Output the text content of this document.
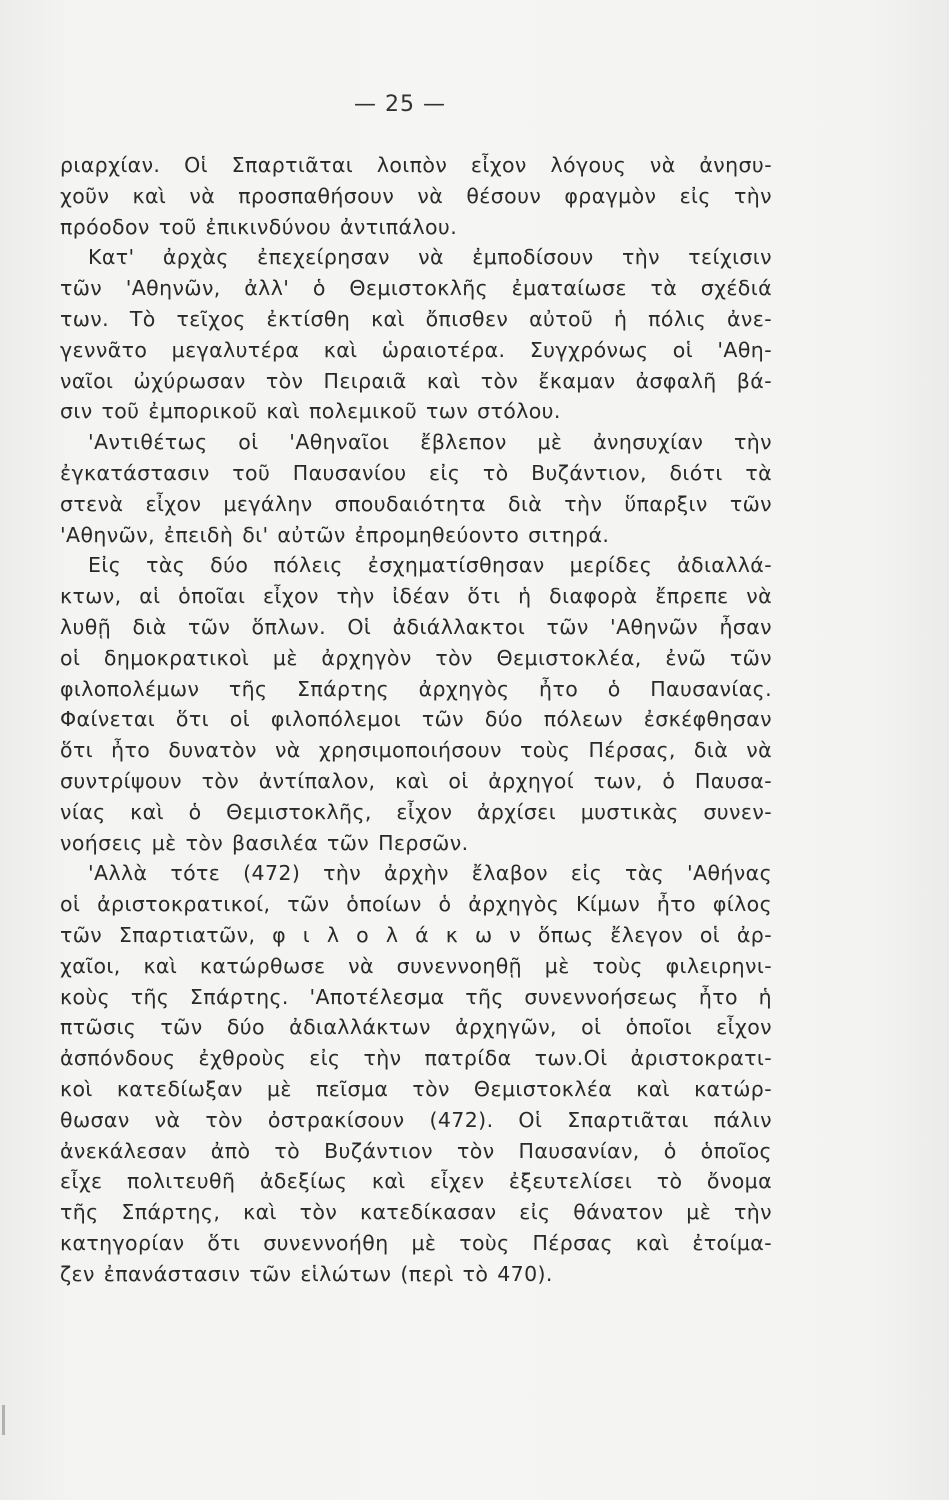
— 25 —
ριαρχίαν. Οἱ Σπαρτιᾶται λοιπὸν εἶχον λόγους νὰ ἀνησυ-
χοῦν καὶ νὰ προσπαθήσουν νὰ θέσουν φραγμὸν εἰς τὴν
πρόοδον τοῦ ἐπικινδύνου ἀντιπάλου.
Κατ' ἀρχὰς ἐπεχείρησαν νὰ ἐμποδίσουν τὴν τείχισιν
τῶν 'Αθηνῶν, ἀλλ' ὁ Θεμιστοκλῆς ἐματαίωσε τὰ σχέδιά
των. Τὸ τεῖχος ἐκτίσθη καὶ ὄπισθεν αὐτοῦ ἡ πόλις ἀνε-
γεννᾶτο μεγαλυτέρα καὶ ὡραιοτέρα. Συγχρόνως οἱ 'Αθη-
ναῖοι ὠχύρωσαν τὸν Πειραιᾶ καὶ τὸν ἔκαμαν ἀσφαλῆ βά-
σιν τοῦ ἐμπορικοῦ καὶ πολεμικοῦ των στόλου.
'Αντιθέτως οἱ 'Αθηναῖοι ἔβλεπον μὲ ἀνησυχίαν τὴν
ἐγκατάστασιν τοῦ Παυσανίου εἰς τὸ Βυζάντιον, διότι τὰ
στενὰ εἶχον μεγάλην σπουδαιότητα διὰ τὴν ὕπαρξιν τῶν
'Αθηνῶν, ἐπειδὴ δι' αὐτῶν ἐπρομηθεύοντο σιτηρά.
Εἰς τὰς δύο πόλεις ἐσχηματίσθησαν μερίδες ἀδιαλλά-
κτων, αἱ ὁποῖαι εἶχον τὴν ἰδέαν ὅτι ἡ διαφορὰ ἔπρεπε νὰ
λυθῇ διὰ τῶν ὅπλων. Οἱ ἀδιάλλακτοι τῶν 'Αθηνῶν ἦσαν
οἱ δημοκρατικοὶ μὲ ἀρχηγὸν τὸν Θεμιστοκλέα, ἐνῶ τῶν
φιλοπολέμων τῆς Σπάρτης ἀρχηγὸς ἦτο ὁ Παυσανίας.
Φαίνεται ὅτι οἱ φιλοπόλεμοι τῶν δύο πόλεων ἐσκέφθησαν
ὅτι ἦτο δυνατὸν νὰ χρησιμοποιήσουν τοὺς Πέρσας, διὰ νὰ
συντρίψουν τὸν ἀντίπαλον, καὶ οἱ ἀρχηγοί των, ὁ Παυσα-
νίας καὶ ὁ Θεμιστοκλῆς, εἶχον ἀρχίσει μυστικὰς συνεν-
νοήσεις μὲ τὸν βασιλέα τῶν Περσῶν.
'Αλλὰ τότε (472) τὴν ἀρχὴν ἔλαβον εἰς τὰς 'Αθήνας
οἱ ἀριστοκρατικοί, τῶν ὁποίων ὁ ἀρχηγὸς Κίμων ἦτο φίλος
τῶν Σπαρτιατῶν, φ ι λ ο λ ά κ ω ν ὅπως ἔλεγον οἱ ἀρ-
χαῖοι, καὶ κατώρθωσε νὰ συνεννοηθῇ μὲ τοὺς φιλειρηνι-
κοὺς τῆς Σπάρτης. 'Αποτέλεσμα τῆς συνεννοήσεως ἦτο ἡ
πτῶσις τῶν δύο ἀδιαλλάκτων ἀρχηγῶν, οἱ ὁποῖοι εἶχον
ἀσπόνδους ἐχθροὺς εἰς τὴν πατρίδα των.Οἱ ἀριστοκρατι-
κοὶ κατεδίωξαν μὲ πεῖσμα τὸν Θεμιστοκλέα καὶ κατώρ-
θωσαν νὰ τὸν ὀστρακίσουν (472). Οἱ Σπαρτιᾶται πάλιν
ἀνεκάλεσαν ἀπὸ τὸ Βυζάντιον τὸν Παυσανίαν, ὁ ὁποῖος
εἶχε πολιτευθῆ ἀδεξίως καὶ εἶχεν ἐξευτελίσει τὸ ὄνομα
τῆς Σπάρτης, καὶ τὸν κατεδίκασαν εἰς θάνατον μὲ τὴν
κατηγορίαν ὅτι συνεννοήθη μὲ τοὺς Πέρσας καὶ ἐτοίμα-
ζεν ἐπανάστασιν τῶν εἱλώτων (περὶ τὸ 470).
